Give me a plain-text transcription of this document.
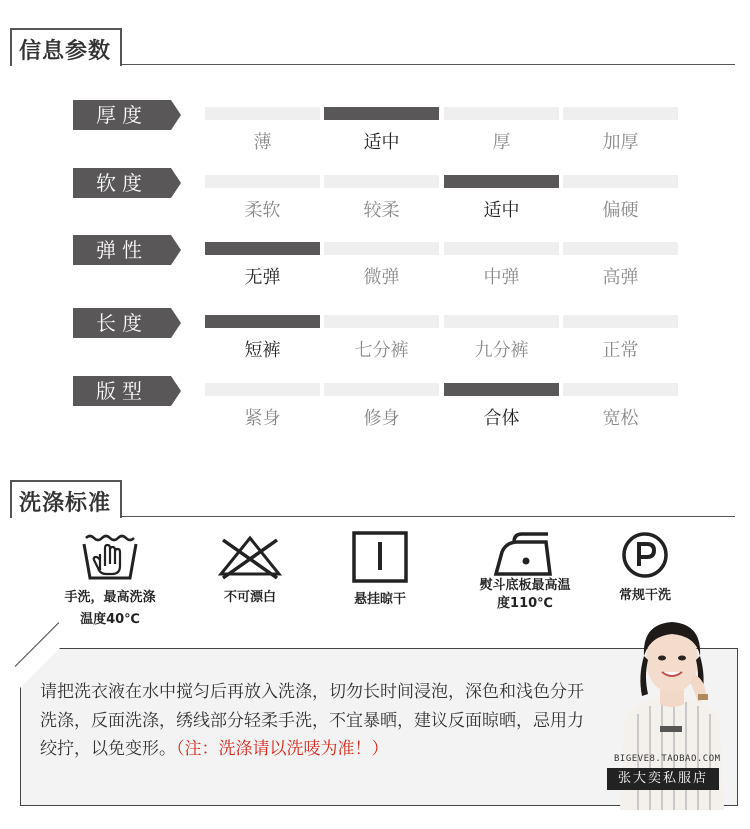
信息参数
厚度
薄	适中	厚	加厚
软度
柔软	较柔	适中	偏硬
弹性
无弹	微弹	中弹	高弹
长度
短裤	七分裤	九分裤	正常
版型
紧身	修身	合体	宽松
洗涤标准
手洗，最高洗涤
温度40℃
不可漂白	悬挂晾干
熨斗底板最高温
度110℃
常规干洗
请把洗衣液在水中搅匀后再放入洗涤，切勿长时间浸泡，深色和浅色分开洗涤，反面洗涤，绣线部分轻柔手洗，不宜暴晒，建议反面晾晒，忌用力绞拧，以免变形。（注：洗涤请以洗唛为准！）	BIGEVE8.TAOBAO.COM
张大奕私服店
